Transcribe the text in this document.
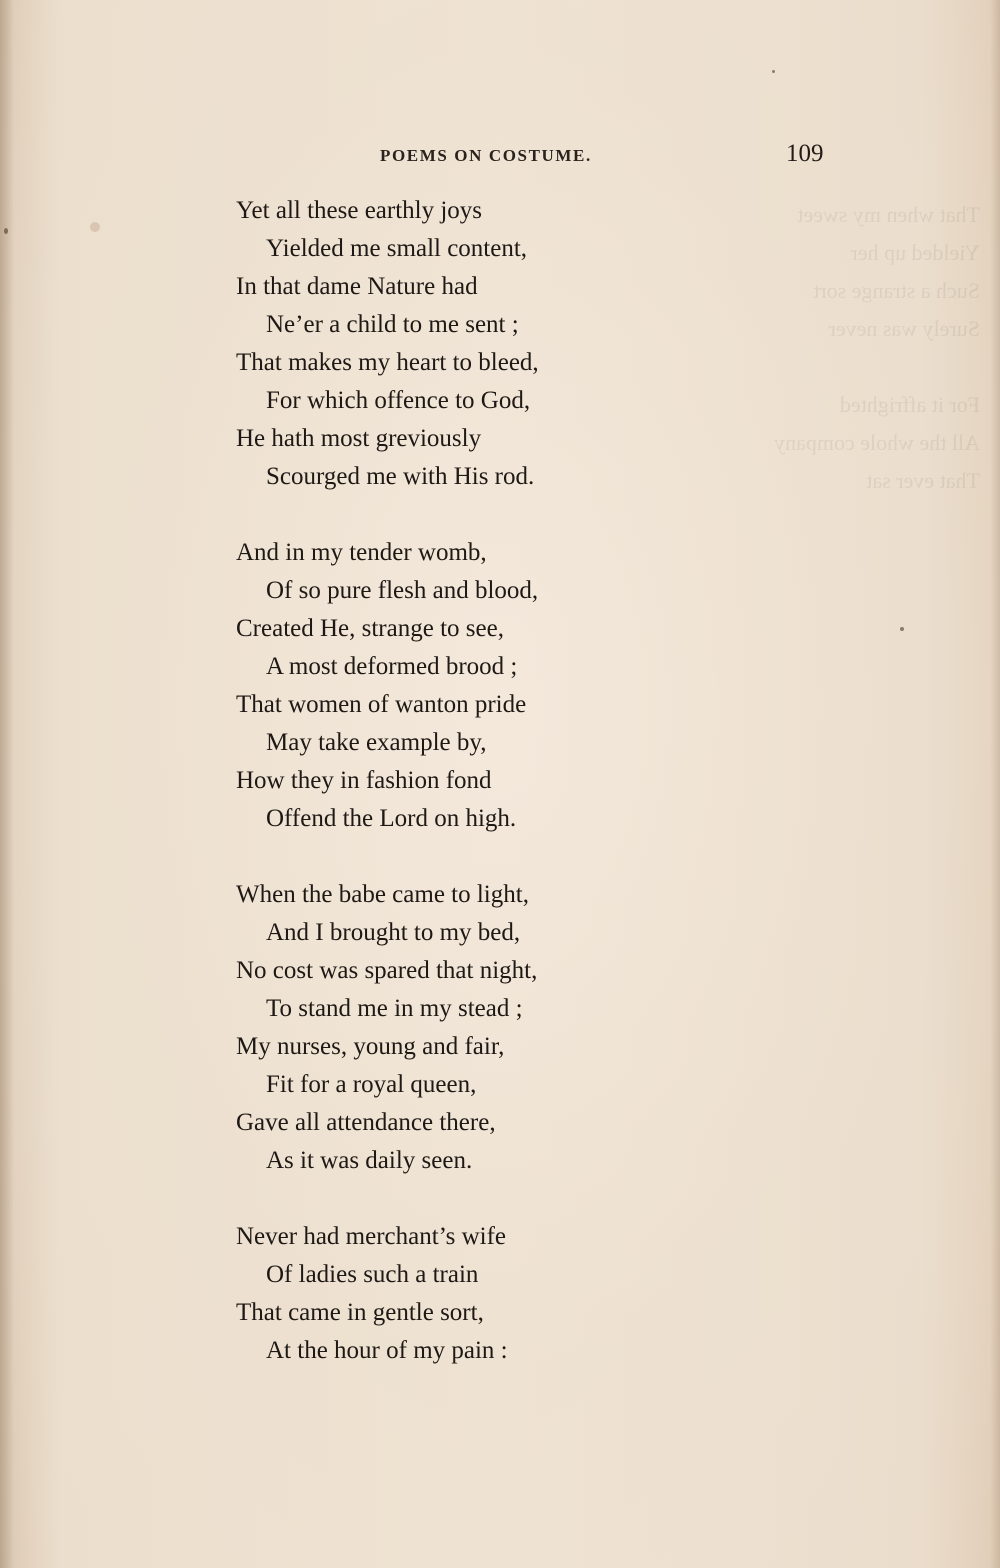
That when my sweet
Yielded up her
Such a strange sort
Surely was never
For it affrighted
All the whole company
That ever sat
POEMS ON COSTUME.	109
Yet all these earthly joys
Yielded me small content,
In that dame Nature had
Ne’er a child to me sent ;
That makes my heart to bleed,
For which offence to God,
He hath most greviously
Scourged me with His rod.
And in my tender womb,
Of so pure flesh and blood,
Created He, strange to see,
A most deformed brood ;
That women of wanton pride
May take example by,
How they in fashion fond
Offend the Lord on high.
When the babe came to light,
And I brought to my bed,
No cost was spared that night,
To stand me in my stead ;
My nurses, young and fair,
Fit for a royal queen,
Gave all attendance there,
As it was daily seen.
Never had merchant’s wife
Of ladies such a train
That came in gentle sort,
At the hour of my pain :
